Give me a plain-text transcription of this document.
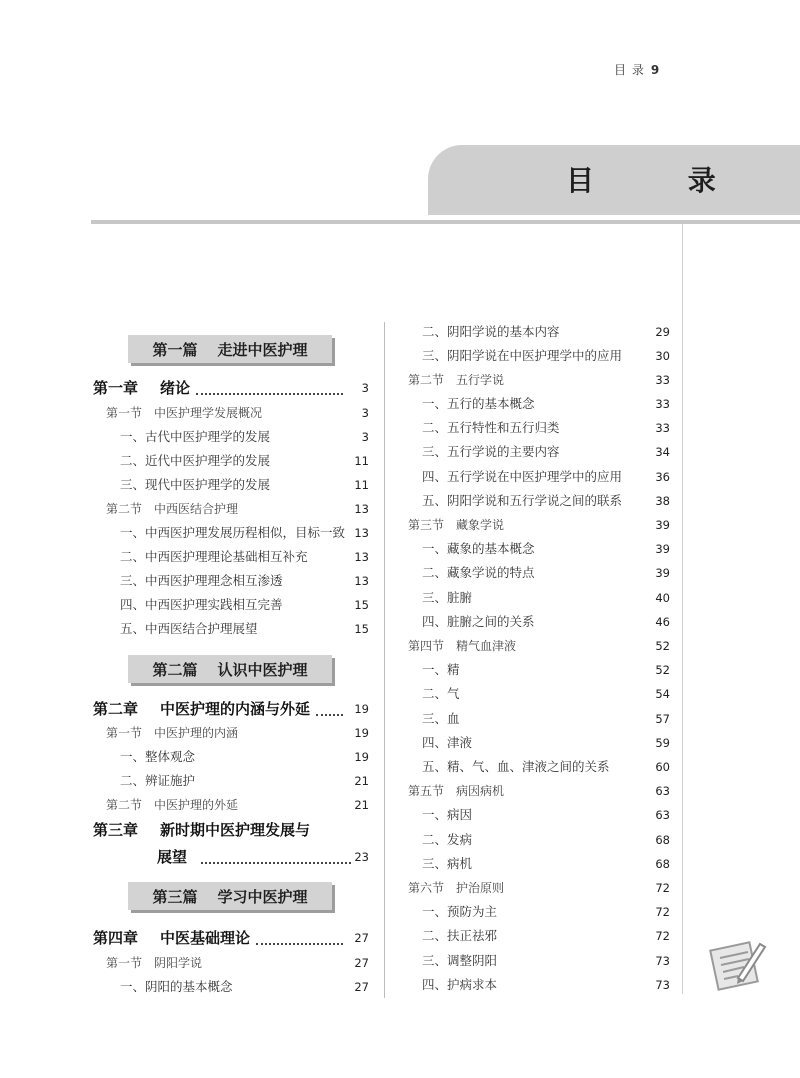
目 录 9
目 录
第一篇 走进中医护理
第一章 绪论	3
第一节　中医护理学发展概况	3
一、古代中医护理学的发展	3
二、近代中医护理学的发展	11
三、现代中医护理学的发展	11
第二节　中西医结合护理	13
一、中西医护理发展历程相似，目标一致 13
二、中西医护理理论基础相互补充	13
三、中西医护理理念相互渗透	13
四、中西医护理实践相互完善	15
五、中西医结合护理展望	15
第二篇 认识中医护理
第二章 中医护理的内涵与外延	19
第一节　中医护理的内涵	19
一、整体观念	19
二、辨证施护	21
第二节　中医护理的外延	21
第三章 新时期中医护理发展与
展望	23
第三篇 学习中医护理
第四章 中医基础理论	27
第一节　阴阳学说	27
一、阴阳的基本概念	27
二、阴阳学说的基本内容	29
三、阴阳学说在中医护理学中的应用	30
第二节　五行学说	33
一、五行的基本概念	33
二、五行特性和五行归类	33
三、五行学说的主要内容	34
四、五行学说在中医护理学中的应用	36
五、阴阳学说和五行学说之间的联系	38
第三节　藏象学说	39
一、藏象的基本概念	39
二、藏象学说的特点	39
三、脏腑	40
四、脏腑之间的关系	46
第四节　精气血津液	52
一、精	52
二、气	54
三、血	57
四、津液	59
五、精、气、血、津液之间的关系	60
第五节　病因病机	63
一、病因	63
二、发病	68
三、病机	68
第六节　护治原则	72
一、预防为主	72
二、扶正祛邪	72
三、调整阴阳	73
四、护病求本	73
